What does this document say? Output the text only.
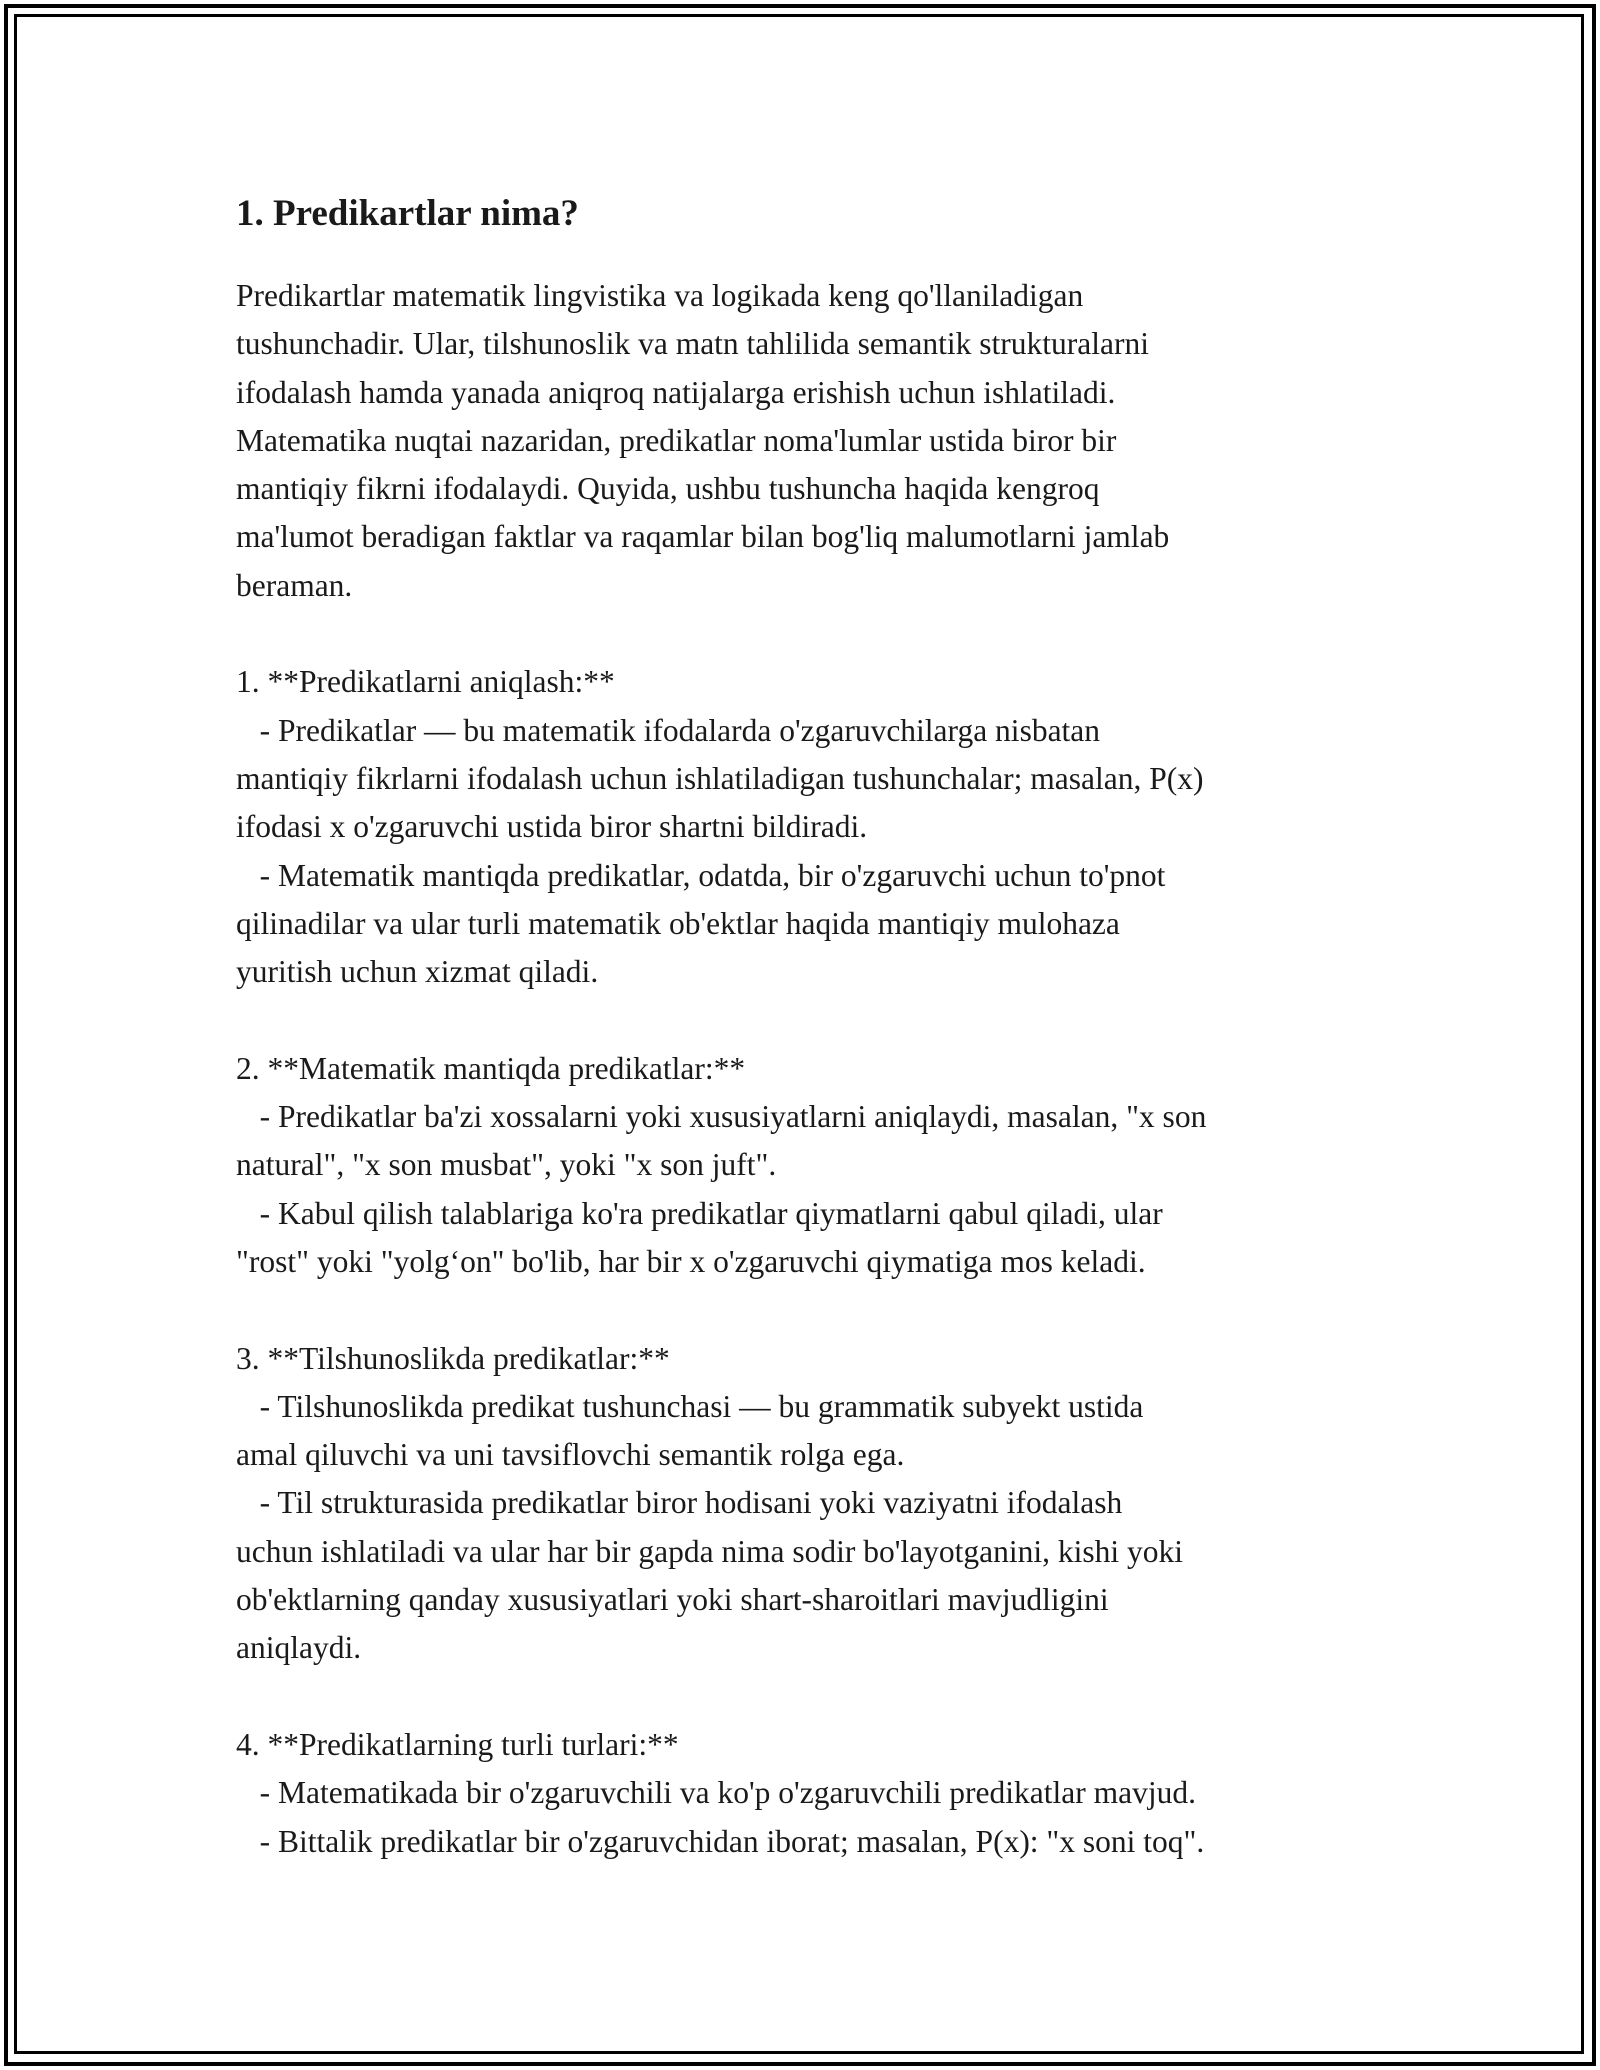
1. Predikartlar nima?
Predikartlar matematik lingvistika va logikada keng qo'llaniladigan
tushunchadir. Ular, tilshunoslik va matn tahlilida semantik strukturalarni
ifodalash hamda yanada aniqroq natijalarga erishish uchun ishlatiladi.
Matematika nuqtai nazaridan, predikatlar noma'lumlar ustida biror bir
mantiqiy fikrni ifodalaydi. Quyida, ushbu tushuncha haqida kengroq
ma'lumot beradigan faktlar va raqamlar bilan bog'liq malumotlarni jamlab
beraman.
1. **Predikatlarni aniqlash:**
- Predikatlar — bu matematik ifodalarda o'zgaruvchilarga nisbatan
mantiqiy fikrlarni ifodalash uchun ishlatiladigan tushunchalar; masalan, P(x)
ifodasi x o'zgaruvchi ustida biror shartni bildiradi.
- Matematik mantiqda predikatlar, odatda, bir o'zgaruvchi uchun to'pnot
qilinadilar va ular turli matematik ob'ektlar haqida mantiqiy mulohaza
yuritish uchun xizmat qiladi.
2. **Matematik mantiqda predikatlar:**
- Predikatlar ba'zi xossalarni yoki xususiyatlarni aniqlaydi, masalan, "x son
natural", "x son musbat", yoki "x son juft".
- Kabul qilish talablariga ko'ra predikatlar qiymatlarni qabul qiladi, ular
"rost" yoki "yolg‘on" bo'lib, har bir x o'zgaruvchi qiymatiga mos keladi.
3. **Tilshunoslikda predikatlar:**
- Tilshunoslikda predikat tushunchasi — bu grammatik subyekt ustida
amal qiluvchi va uni tavsiflovchi semantik rolga ega.
- Til strukturasida predikatlar biror hodisani yoki vaziyatni ifodalash
uchun ishlatiladi va ular har bir gapda nima sodir bo'layotganini, kishi yoki
ob'ektlarning qanday xususiyatlari yoki shart-sharoitlari mavjudligini
aniqlaydi.
4. **Predikatlarning turli turlari:**
- Matematikada bir o'zgaruvchili va ko'p o'zgaruvchili predikatlar mavjud.
- Bittalik predikatlar bir o'zgaruvchidan iborat; masalan, P(x): "x soni toq".
